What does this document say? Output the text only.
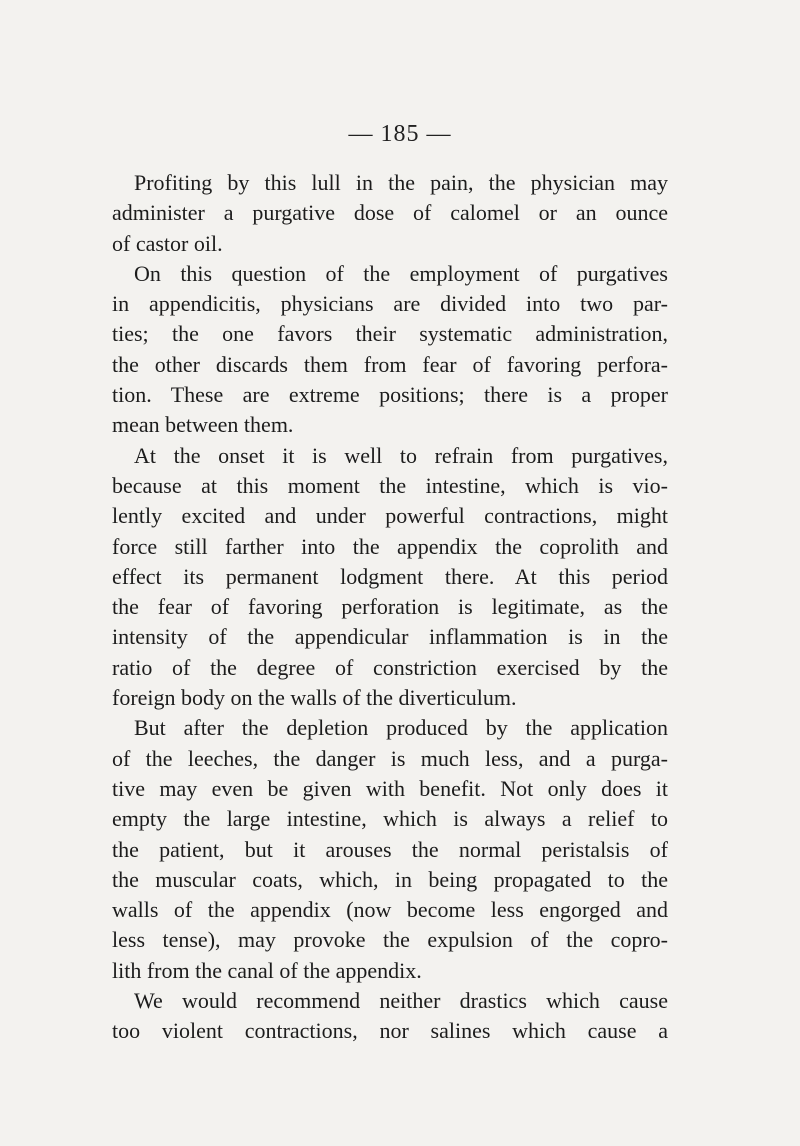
— 185 —
Profiting by this lull in the pain, the physician may
administer a purgative dose of calomel or an ounce
of castor oil.
On this question of the employment of purgatives
in appendicitis, physicians are divided into two par-
ties; the one favors their systematic administration,
the other discards them from fear of favoring perfora-
tion. These are extreme positions; there is a proper
mean between them.
At the onset it is well to refrain from purgatives,
because at this moment the intestine, which is vio-
lently excited and under powerful contractions, might
force still farther into the appendix the coprolith and
effect its permanent lodgment there. At this period
the fear of favoring perforation is legitimate, as the
intensity of the appendicular inflammation is in the
ratio of the degree of constriction exercised by the
foreign body on the walls of the diverticulum.
But after the depletion produced by the application
of the leeches, the danger is much less, and a purga-
tive may even be given with benefit. Not only does it
empty the large intestine, which is always a relief to
the patient, but it arouses the normal peristalsis of
the muscular coats, which, in being propagated to the
walls of the appendix (now become less engorged and
less tense), may provoke the expulsion of the copro-
lith from the canal of the appendix.
We would recommend neither drastics which cause
too violent contractions, nor salines which cause a
